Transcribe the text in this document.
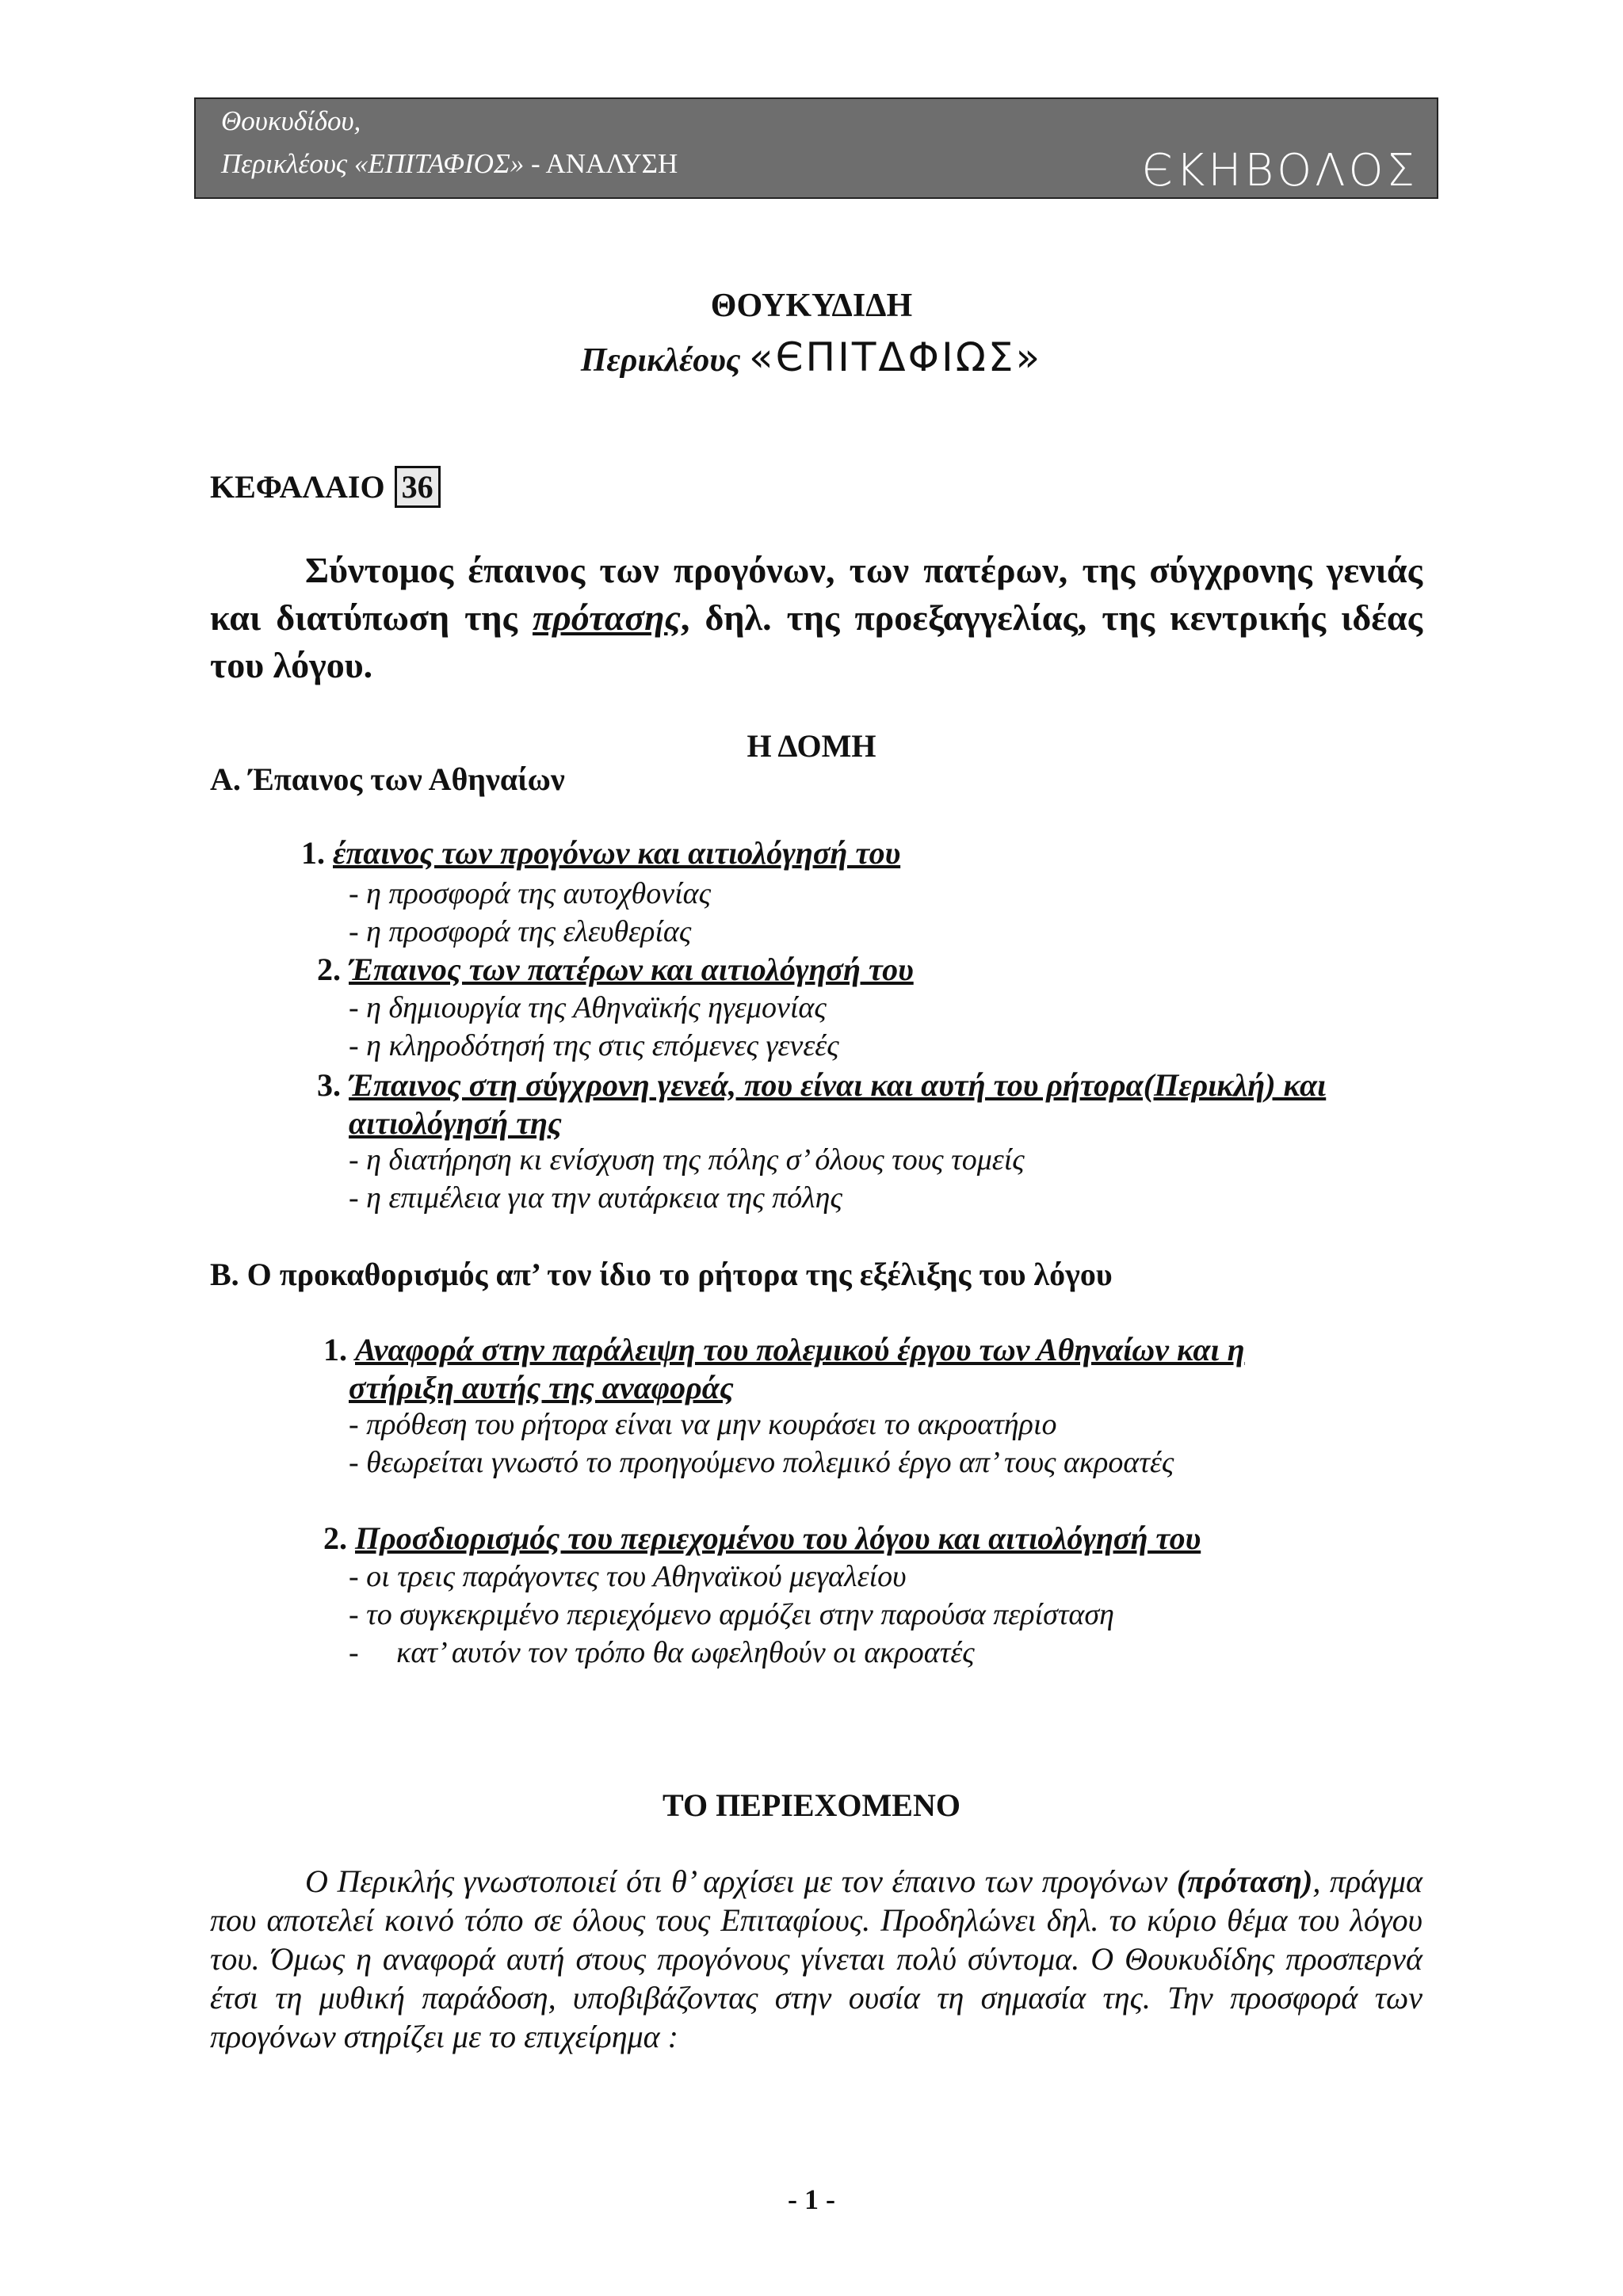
Θουκυδίδου,
Περικλέους «ΕΠΙΤΑΦΙΟΣ» - ΑΝΑΛΥΣΗ	ЄΚΗΒΟΛΟΣ
ΘΟΥΚΥΔΙΔΗ
Περικλέους «ЄΠΙΤΔΦΙΩΣ»
ΚΕΦΑΛΑΙΟ 36
Σύντομος έπαινος των προγόνων, των πατέρων, της σύγχρονης γενιάς και διατύπωση της πρότασης, δηλ. της προεξαγγελίας, της κεντρικής ιδέας του λόγου.
Η ΔΟΜΗ
Α. Έπαινος των Αθηναίων
1. έπαινος των προγόνων και αιτιολόγησή του
- η προσφορά της αυτοχθονίας
- η προσφορά της ελευθερίας
2. Έπαινος των πατέρων και αιτιολόγησή του
- η δημιουργία της Αθηναϊκής ηγεμονίας
- η κληροδότησή της στις επόμενες γενεές
3. Έπαινος στη σύγχρονη γενεά, που είναι και αυτή του ρήτορα(Περικλή) και
αιτιολόγησή της
- η διατήρηση κι ενίσχυση της πόλης σ’ όλους τους τομείς
- η επιμέλεια για την αυτάρκεια της πόλης
Β. Ο προκαθορισμός απ’ τον ίδιο το ρήτορα της εξέλιξης του λόγου
1. Αναφορά στην παράλειψη του πολεμικού έργου των Αθηναίων και η
στήριξη αυτής της αναφοράς
- πρόθεση του ρήτορα είναι να μην κουράσει το ακροατήριο
- θεωρείται γνωστό το προηγούμενο πολεμικό έργο απ’ τους ακροατές
2. Προσδιορισμός του περιεχομένου του λόγου και αιτιολόγησή του
- οι τρεις παράγοντες του Αθηναϊκού μεγαλείου
- το συγκεκριμένο περιεχόμενο αρμόζει στην παρούσα περίσταση
-     κατ’ αυτόν τον τρόπο θα ωφεληθούν οι ακροατές
ΤΟ ΠΕΡΙΕΧΟΜΕΝΟ
Ο Περικλής γνωστοποιεί ότι θ’ αρχίσει με τον έπαινο των προγόνων (πρόταση), πράγμα που αποτελεί κοινό τόπο σε όλους τους Επιταφίους. Προδηλώνει δηλ. το κύριο θέμα του λόγου του. Όμως η αναφορά αυτή στους προγόνους γίνεται πολύ σύντομα. Ο Θουκυδίδης προσπερνά έτσι τη μυθική παράδοση, υποβιβάζοντας στην ουσία τη σημασία της. Την προσφορά των προγόνων στηρίζει με το επιχείρημα :
- 1 -
